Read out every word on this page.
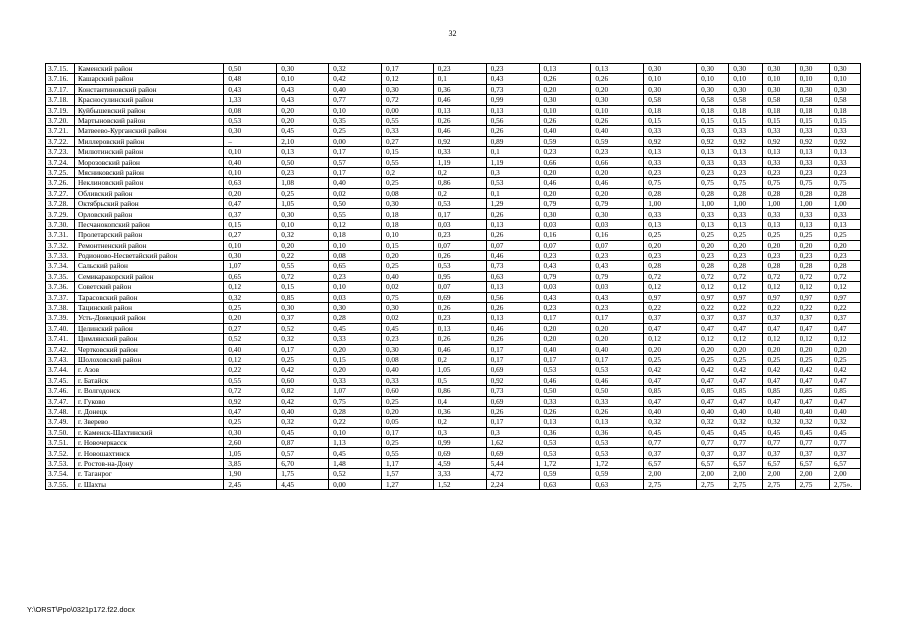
32
3.7.15.	Каменский район	0,50	0,30	0,32	0,17	0,23	0,23	0,13	0,13	0,30	0,30	0,30	0,30	0,30	0,30
3.7.16.	Кашарский район	0,48	0,10	0,42	0,12	0,1	0,43	0,26	0,26	0,10	0,10	0,10	0,10	0,10	0,10
3.7.17.	Константиновский район	0,43	0,43	0,40	0,30	0,36	0,73	0,20	0,20	0,30	0,30	0,30	0,30	0,30	0,30
3.7.18.	Красносулинский район	1,33	0,43	0,77	0,72	0,46	0,99	0,30	0,30	0,58	0,58	0,58	0,58	0,58	0,58
3.7.19.	Куйбышевский район	0,08	0,20	0,10	0,00	0,13	0,13	0,10	0,10	0,18	0,18	0,18	0,18	0,18	0,18
3.7.20.	Мартыновский район	0,53	0,20	0,35	0,55	0,26	0,56	0,26	0,26	0,15	0,15	0,15	0,15	0,15	0,15
3.7.21.	Матвеево-Курганский район	0,30	0,45	0,25	0,33	0,46	0,26	0,40	0,40	0,33	0,33	0,33	0,33	0,33	0,33
3.7.22.	Миллеровский район	–	2,10	0,00	0,27	0,92	0,89	0,59	0,59	0,92	0,92	0,92	0,92	0,92	0,92
3.7.23.	Милютинский район	0,10	0,13	0,17	0,15	0,33	0,1	0,23	0,23	0,13	0,13	0,13	0,13	0,13	0,13
3.7.24.	Морозовский район	0,40	0,50	0,57	0,55	1,19	1,19	0,66	0,66	0,33	0,33	0,33	0,33	0,33	0,33
3.7.25.	Мясниковский район	0,10	0,23	0,17	0,2	0,2	0,3	0,20	0,20	0,23	0,23	0,23	0,23	0,23	0,23
3.7.26.	Неклиновский район	0,63	1,08	0,40	0,25	0,86	0,53	0,46	0,46	0,75	0,75	0,75	0,75	0,75	0,75
3.7.27.	Обливский район	0,20	0,25	0,02	0,08	0,2	0,1	0,20	0,20	0,28	0,28	0,28	0,28	0,28	0,28
3.7.28.	Октябрьский район	0,47	1,05	0,50	0,30	0,53	1,29	0,79	0,79	1,00	1,00	1,00	1,00	1,00	1,00
3.7.29.	Орловский район	0,37	0,30	0,55	0,18	0,17	0,26	0,30	0,30	0,33	0,33	0,33	0,33	0,33	0,33
3.7.30.	Песчанокопский район	0,15	0,10	0,12	0,18	0,03	0,13	0,03	0,03	0,13	0,13	0,13	0,13	0,13	0,13
3.7.31.	Пролетарский район	0,27	0,32	0,18	0,10	0,23	0,26	0,16	0,16	0,25	0,25	0,25	0,25	0,25	0,25
3.7.32.	Ремонтненский район	0,10	0,20	0,10	0,15	0,07	0,07	0,07	0,07	0,20	0,20	0,20	0,20	0,20	0,20
3.7.33.	Родионово-Несветайский район	0,30	0,22	0,08	0,20	0,26	0,46	0,23	0,23	0,23	0,23	0,23	0,23	0,23	0,23
3.7.34.	Сальский район	1,07	0,55	0,65	0,25	0,53	0,73	0,43	0,43	0,28	0,28	0,28	0,28	0,28	0,28
3.7.35.	Семикаракорский район	0,65	0,72	0,23	0,40	0,95	0,63	0,79	0,79	0,72	0,72	0,72	0,72	0,72	0,72
3.7.36.	Советский район	0,12	0,15	0,10	0,02	0,07	0,13	0,03	0,03	0,12	0,12	0,12	0,12	0,12	0,12
3.7.37.	Тарасовский район	0,32	0,85	0,03	0,75	0,69	0,56	0,43	0,43	0,97	0,97	0,97	0,97	0,97	0,97
3.7.38.	Тацинский район	0,25	0,30	0,30	0,30	0,26	0,26	0,23	0,23	0,22	0,22	0,22	0,22	0,22	0,22
3.7.39.	Усть-Донецкий район	0,20	0,37	0,28	0,02	0,23	0,13	0,17	0,17	0,37	0,37	0,37	0,37	0,37	0,37
3.7.40.	Целинский район	0,27	0,52	0,45	0,45	0,13	0,46	0,20	0,20	0,47	0,47	0,47	0,47	0,47	0,47
3.7.41.	Цимлянский район	0,52	0,32	0,33	0,23	0,26	0,26	0,20	0,20	0,12	0,12	0,12	0,12	0,12	0,12
3.7.42.	Чертковский район	0,40	0,17	0,20	0,30	0,46	0,17	0,40	0,40	0,20	0,20	0,20	0,20	0,20	0,20
3.7.43.	Шолоховский район	0,12	0,25	0,15	0,08	0,2	0,17	0,17	0,17	0,25	0,25	0,25	0,25	0,25	0,25
3.7.44.	г. Азов	0,22	0,42	0,20	0,40	1,05	0,69	0,53	0,53	0,42	0,42	0,42	0,42	0,42	0,42
3.7.45.	г. Батайск	0,55	0,60	0,33	0,33	0,5	0,92	0,46	0,46	0,47	0,47	0,47	0,47	0,47	0,47
3.7.46.	г. Волгодонск	0,72	0,82	1,07	0,60	0,86	0,73	0,50	0,50	0,85	0,85	0,85	0,85	0,85	0,85
3.7.47.	г. Гуково	0,92	0,42	0,75	0,25	0,4	0,69	0,33	0,33	0,47	0,47	0,47	0,47	0,47	0,47
3.7.48.	г. Донецк	0,47	0,40	0,28	0,20	0,36	0,26	0,26	0,26	0,40	0,40	0,40	0,40	0,40	0,40
3.7.49.	г. Зверево	0,25	0,32	0,22	0,05	0,2	0,17	0,13	0,13	0,32	0,32	0,32	0,32	0,32	0,32
3.7.50.	г. Каменск-Шахтинский	0,30	0,45	0,10	0,17	0,3	0,3	0,36	0,36	0,45	0,45	0,45	0,45	0,45	0,45
3.7.51.	г. Новочеркасск	2,60	0,87	1,13	0,25	0,99	1,62	0,53	0,53	0,77	0,77	0,77	0,77	0,77	0,77
3.7.52.	г. Новошахтинск	1,05	0,57	0,45	0,55	0,69	0,69	0,53	0,53	0,37	0,37	0,37	0,37	0,37	0,37
3.7.53.	г. Ростов-на-Дону	3,85	6,70	1,48	1,17	4,59	5,44	1,72	1,72	6,57	6,57	6,57	6,57	6,57	6,57
3.7.54.	г. Таганрог	1,90	1,75	0,52	1,57	3,33	4,72	0,59	0,59	2,00	2,00	2,00	2,00	2,00	2,00
3.7.55.	г. Шахты	2,45	4,45	0,00	1,27	1,52	2,24	0,63	0,63	2,75	2,75	2,75	2,75	2,75	2,75».
Y:\ORST\Ppo\0321p172.f22.docx
